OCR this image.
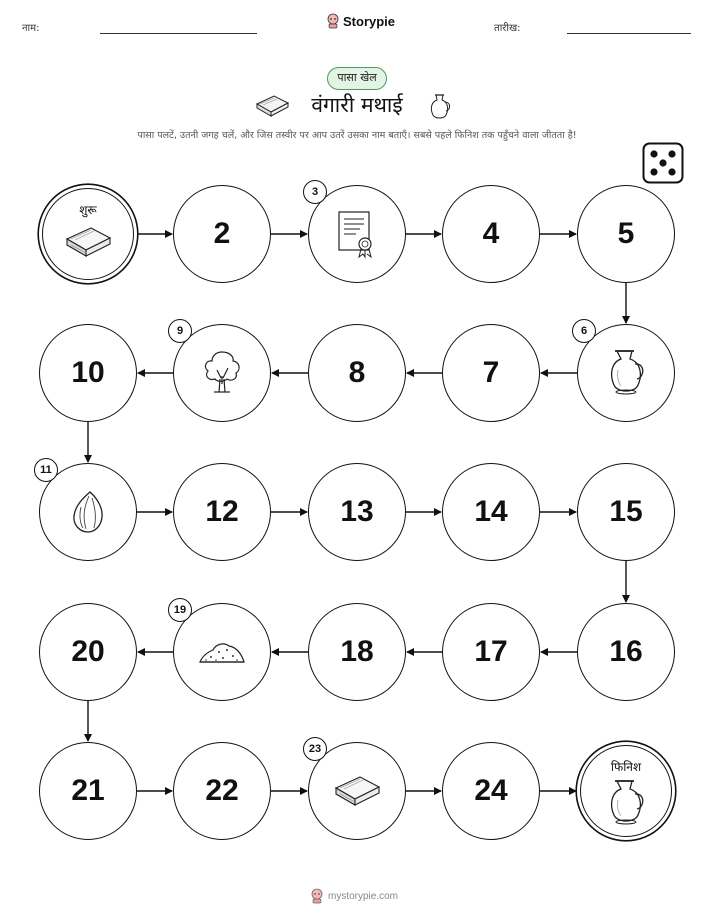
नाम:	Storypie	तारीख:
पासा खेल
वंगारी मथाई
पासा पलटें, उतनी जगह चलें, और जिस तस्वीर पर आप उतरें उसका नाम बताएँ। सबसे पहले फिनिश तक पहुँचने वाला जीतता है!
शुरू
2
3
4	5
6
7
8
9
10
11
12	13	14	15
16
17
18
19
20
21	22
23
24
फिनिश
mystorypie.com
